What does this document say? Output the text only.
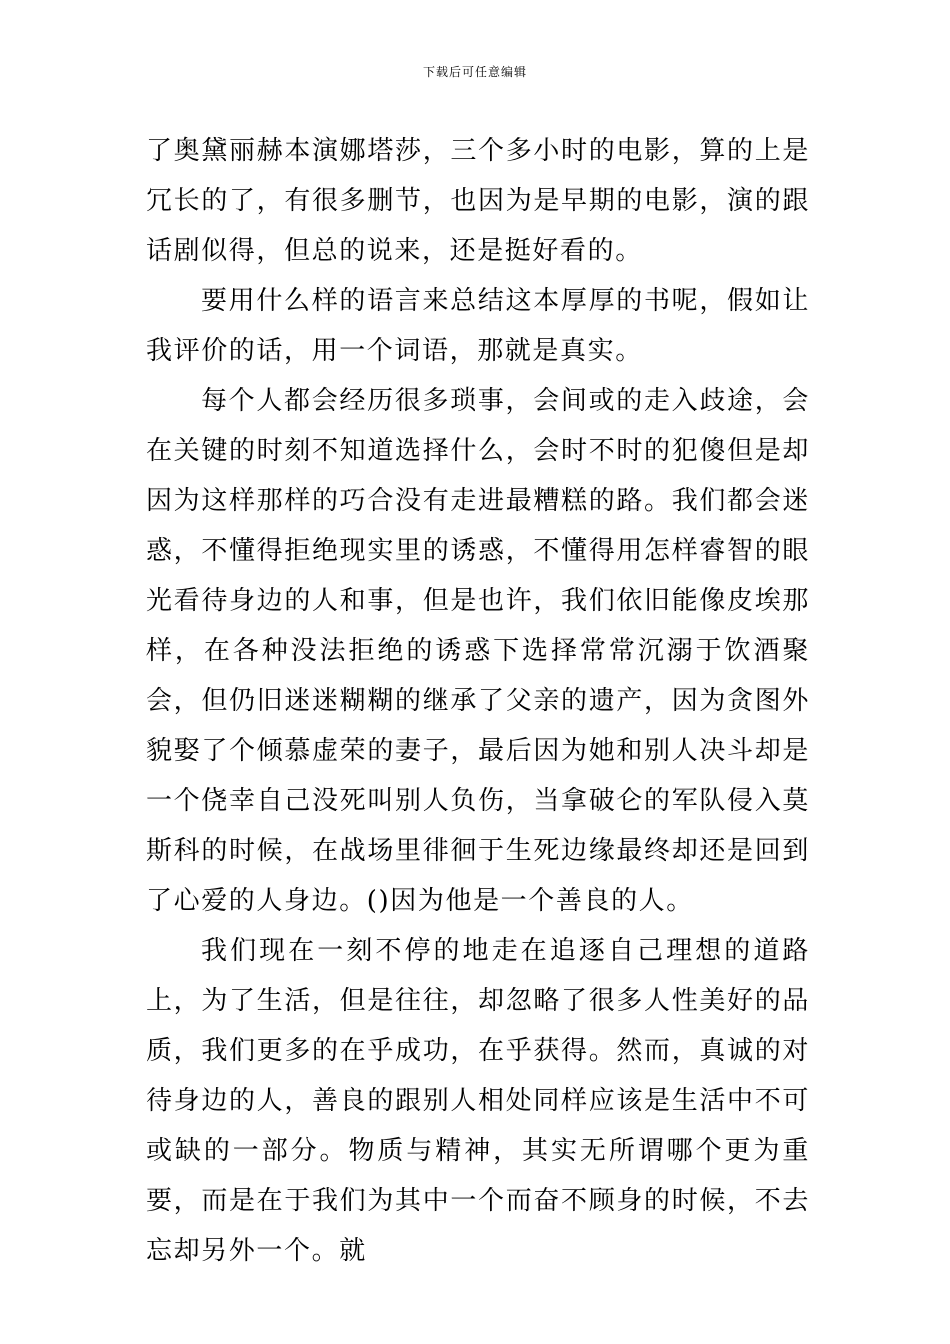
下载后可任意编辑

了奥黛丽赫本演娜塔莎，三个多小时的电影，算的上是冗长的了，有很多删节，也因为是早期的电影，演的跟话剧似得，但总的说来，还是挺好看的。

要用什么样的语言来总结这本厚厚的书呢，假如让我评价的话，用一个词语，那就是真实。

每个人都会经历很多琐事，会间或的走入歧途，会在关键的时刻不知道选择什么，会时不时的犯傻但是却因为这样那样的巧合没有走进最糟糕的路。我们都会迷惑，不懂得拒绝现实里的诱惑，不懂得用怎样睿智的眼光看待身边的人和事，但是也许，我们依旧能像皮埃那样，在各种没法拒绝的诱惑下选择常常沉溺于饮酒聚会，但仍旧迷迷糊糊的继承了父亲的遗产，因为贪图外貌娶了个倾慕虚荣的妻子，最后因为她和别人决斗却是一个侥幸自己没死叫别人负伤，当拿破仑的军队侵入莫斯科的时候，在战场里徘徊于生死边缘最终却还是回到了心爱的人身边。()因为他是一个善良的人。

我们现在一刻不停的地走在追逐自己理想的道路上，为了生活，但是往往，却忽略了很多人性美好的品质，我们更多的在乎成功，在乎获得。然而，真诚的对待身边的人，善良的跟别人相处同样应该是生活中不可或缺的一部分。物质与精神，其实无所谓哪个更为重要，而是在于我们为其中一个而奋不顾身的时候，不去忘却另外一个。就
